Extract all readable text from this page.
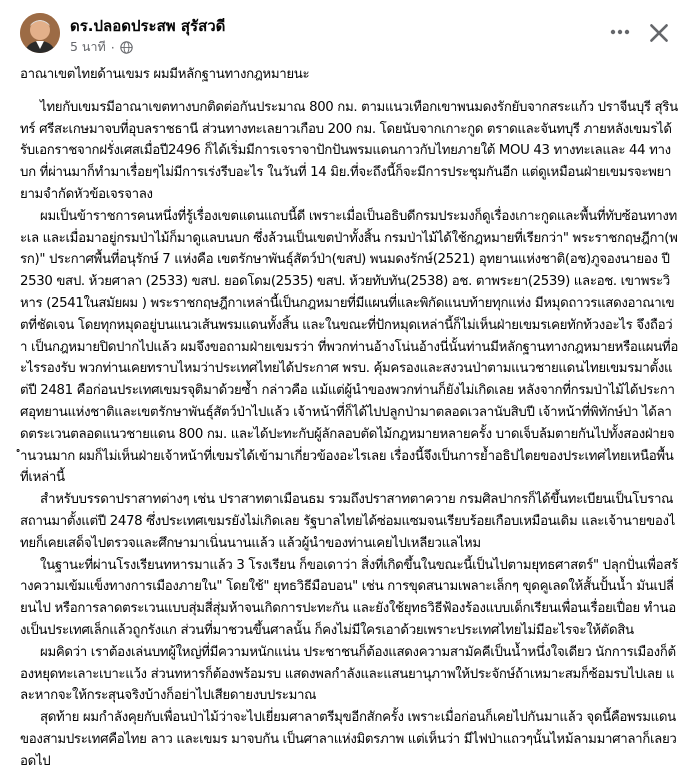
ดร.ปลอดประสพ สุรัสวดี
5 นาที ·

อาณาเขตไทยด้านเขมร ผมมีหลักฐานทางกฎหมายนะ

ไทยกับเขมรมีอาณาเขตทางบกติดต่อกันประมาณ 800 กม. ตามแนวเทือกเขาพนมดงรักยับจากสระแก้ว ปราจีนบุรี สุรินทร์ ศรีสะเกษมาจบที่อุบลราชธานี ส่วนทางทะเลยาวเกือบ 200 กม. โดยนับจากเกาะกูด ตราดและจันทบุรี ภายหลังเขมรได้รับเอกราชจากฝรั่งเศสเมื่อปี2496 ก็ได้เริ่มมีการเจราจาปักปันพรมแดนกาวกับไทยภายใต้ MOU 43 ทางทะเลและ 44 ทางบก ที่ผ่านมาก็ทำมาเรื่อยๆไม่มีการเร่งรีบอะไร ในวันที่ 14 มิย.ที่จะถึงนี้ก็จะมีการประชุมกันอีก แต่ดูเหมือนฝ่ายเขมรจะพยายามจำกัดหัวข้อเจรจาลง

ผมเป็นข้าราชการคนหนึ่งที่รู้เรื่องเขตแดนแถบนี้ดี เพราะเมื่อเป็นอธิบดีกรมประมงก็ดูเรื่องเกาะกูดและพื้นที่ทับซ้อนทางทะเล และเมื่อมาอยู่กรมป่าไม้ก็มาดูแลบนบก ซึ่งล้วนเป็นเขตป่าทั้งสิ้น กรมป่าไม้ได้ใช้กฎหมายที่เรียกว่า" พระราชกฤษฎีกา(พรก)" ประกาศพื้นที่อนุรักษ์ 7 แห่งคือ เขตรักษาพันธุ์สัตว์ป่า(ขสป) พนมดงรักษ์(2521) อุทยานแห่งชาติ(อช)ภูจองนายอง ปี 2530 ขสป. ห้วยศาลา (2533) ขสป. ยอดโดม(2535) ขสป. ห้วยทับทัน(2538) อช. ตาพระยา(2539) และอช. เขาพระวิหาร (2541ในสมัยผม ) พระราชกฤษฎีกาเหล่านี้เป็นกฎหมายที่มีแผนที่และพิกัดแนบท้ายทุกแห่ง มีหมุดถาวรแสดงอาณาเขตที่ชัดเจน โดยทุกหมุดอยู่บนแนวเส้นพรมแดนทั้งสิ้น และในขณะที่ปักหมุดเหล่านี้ก็ไม่เห็นฝ่ายเขมรเคยทักท้วงอะไร จึงถือว่า เป็นกฎหมายปิดปากไปแล้ว ผมจึงขอถามฝ่ายเขมรว่า ที่พวกท่านอ้างโน่นอ้างนี่นั้นท่านมีหลักฐานทางกฎหมายหรือแผนที่อะไรรองรับ พวกท่านเคยทราบไหมว่าประเทศไทยได้ประกาศ พรบ. คุ้มครองและสงวนป่าตามแนวชายแดนไทยเขมรมาตั้งแต่ปี 2481 คือก่อนประเทศเขมรจุติมาด้วยซ้ำ กล่าวคือ แม้แต่ผู้นำของพวกท่านก็ยังไม่เกิดเลย หลังจากที่กรมป่าไม้ได้ประกาศอุทยานแห่งชาติและเขตรักษาพันธุ์สัตว์ป่าไปแล้ว เจ้าหน้าที่ก็ได้ไปปลูกป่ามาตลอดเวลานับสิบปี เจ้าหน้าที่พิทักษ์ป่า ได้ลาดตระเวนตลอดแนวชายแดน 800 กม. และได้ปะทะกับผู้ลักลอบตัดไม้กฎหมายหลายครั้ง บาดเจ็บล้มตายกันไปทั้งสองฝ่ายจำนวนมาก ผมก็ไม่เห็นฝ่ายเจ้าหน้าที่เขมรได้เข้ามาเกี่ยวข้องอะไรเลย เรื่องนี้จึงเป็นการย้ำอธิปไตยของประเทศไทยเหนือพื้นที่เหล่านี้

สำหรับบรรดาปราสาทต่างๆ เช่น ปราสาทตาเมือนธม รวมถึงปราสาทตาควาย กรมศิลปากรก็ได้ขึ้นทะเบียนเป็นโบราณสถานมาตั้งแต่ปี 2478 ซึ่งประเทศเขมรยังไม่เกิดเลย รัฐบาลไทยได้ซ่อมแซมจนเรียบร้อยเกือบเหมือนเดิม และเจ้านายของไทยก็เคยเสด็จไปตรวจและศึกษามาเนิ่นนานแล้ว แล้วผู้นำของท่านเคยไปเหลียวแลไหม

ในฐานะที่ผ่านโรงเรียนทหารมาแล้ว 3 โรงเรียน ก็ขอเดาว่า สิ่งที่เกิดขึ้นในขณะนี้เป็นไปตามยุทธศาสตร์" ปลุกปั่นเพื่อสร้างความเข้มแข็งทางการเมืองภายใน" โดยใช้" ยุทธวิธีมือบอน" เช่น การขุดสนามเพลาะเล็กๆ ขุดคูเลดให้สั้นปั้นน้ำ มันเปลี่ยนไป หรือการลาดตระเวนแบบสุ่มสี่สุ่มห้าจนเกิดการปะทะกัน และยังใช้ยุทธวิธีฟ้องร้องแบบเด็กเรียนเพื่อนเรื่อยเปื่อย ทำนองเป็นประเทศเล็กแล้วถูกรังแก ส่วนที่มาชวนขึ้นศาลนั้น ก็คงไม่มีใครเอาด้วยเพราะประเทศไทยไม่มีอะไรจะให้ตัดสิน

ผมคิดว่า เราต้องเล่นบทผู้ใหญ่ที่มีความหนักแน่น ประชาชนก็ต้องแสดงความสามัคคีเป็นน้ำหนึ่งใจเดียว นักการเมืองก็ต้องหยุดทะเลาะเบาะแว้ง ส่วนทหารก็ต้องพร้อมรบ แสดงพลกำลังและแสนยานุภาพให้ประจักษ์ถ้าเหมาะสมก็ซ้อมรบไปเลย และหากจะให้กระสุนจริงบ้างก็อย่าไปเสียดายงบประมาณ

สุดท้าย ผมกำลังคุยกับเพื่อนป่าไม้ว่าจะไปเยี่ยมศาลาตรีมุขอีกสักครั้ง เพราะเมื่อก่อนก็เคยไปกันมาแล้ว จุดนี้คือพรมแดนของสามประเทศคือไทย ลาว และเขมร มาจบกัน เป็นศาลาแห่งมิตรภาพ แต่เห็นว่า มีไฟป่าแถวๆนั้นไหม้ลามมาศาลาก็เลยวอดไป
